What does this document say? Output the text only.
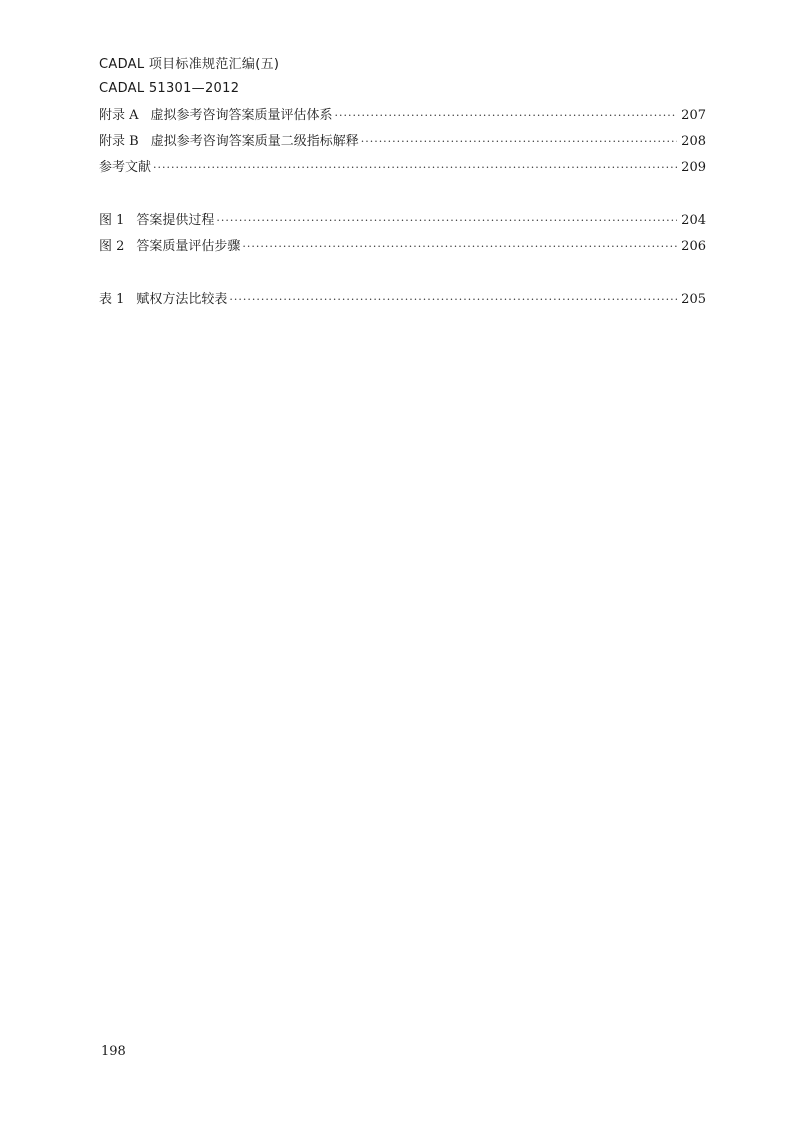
CADAL 项目标准规范汇编(五)
CADAL 51301—2012
附录 A 虚拟参考咨询答案质量评估体系 ·····	207
附录 B 虚拟参考咨询答案质量二级指标解释 ·····	208
参考文献 ·····	209
图 1 答案提供过程 ·····	204
图 2 答案质量评估步骤 ·····	206
表 1 赋权方法比较表 ·····	205
198
